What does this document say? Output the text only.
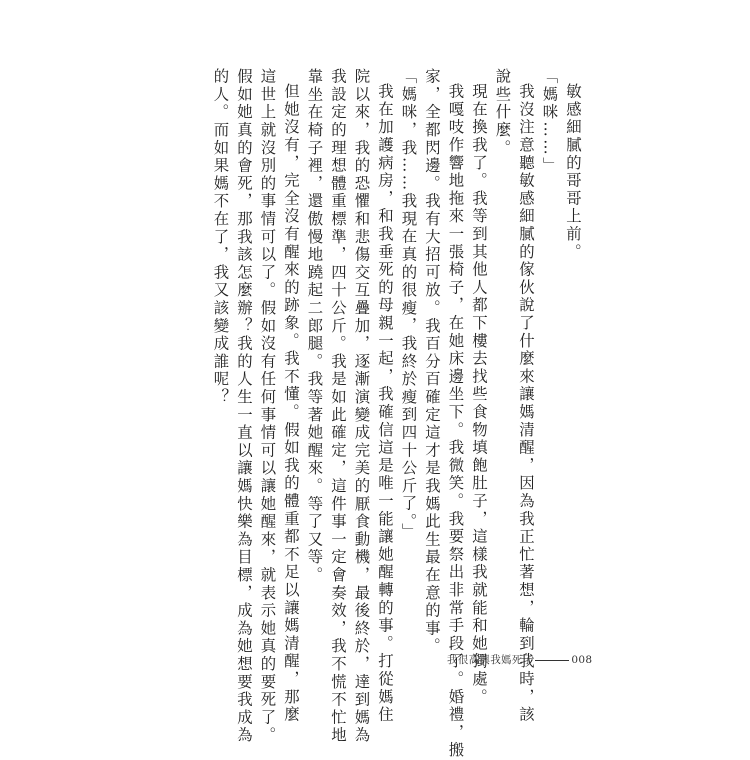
敏感細膩的哥哥上前。
「媽咪……」
我沒注意聽敏感細膩的傢伙說了什麼來讓媽清醒，因為我正忙著想，輪到我時，該
說些什麼。
現在換我了。我等到其他人都下樓去找些食物填飽肚子，這樣我就能和她獨處。
我嘎吱作響地拖來一張椅子，在她床邊坐下。我微笑。我要祭出非常手段了。婚禮，搬
家，全都閃邊。我有大招可放。我百分百確定這才是我媽此生最在意的事。
「媽咪，我……我現在真的很瘦，我終於瘦到四十公斤了。」
我在加護病房，和我垂死的母親一起，我確信這是唯一能讓她醒轉的事。打從媽住
院以來，我的恐懼和悲傷交互疊加，逐漸演變成完美的厭食動機，最後終於，達到媽為
我設定的理想體重標準，四十公斤。我是如此確定，這件事一定會奏效，我不慌不忙地
靠坐在椅子裡，還傲慢地蹺起二郎腿。我等著她醒來。等了又等。
但她沒有，完全沒有醒來的跡象。我不懂。假如我的體重都不足以讓媽清醒，那麼
這世上就沒別的事情可以了。假如沒有任何事情可以讓她醒來，就表示她真的要死了。
假如她真的會死，那我該怎麼辦？我的人生一直以讓媽快樂為目標，成為她想要我成為
的人。而如果媽不在了，我又該變成誰呢？
我很高興我媽死了	008
